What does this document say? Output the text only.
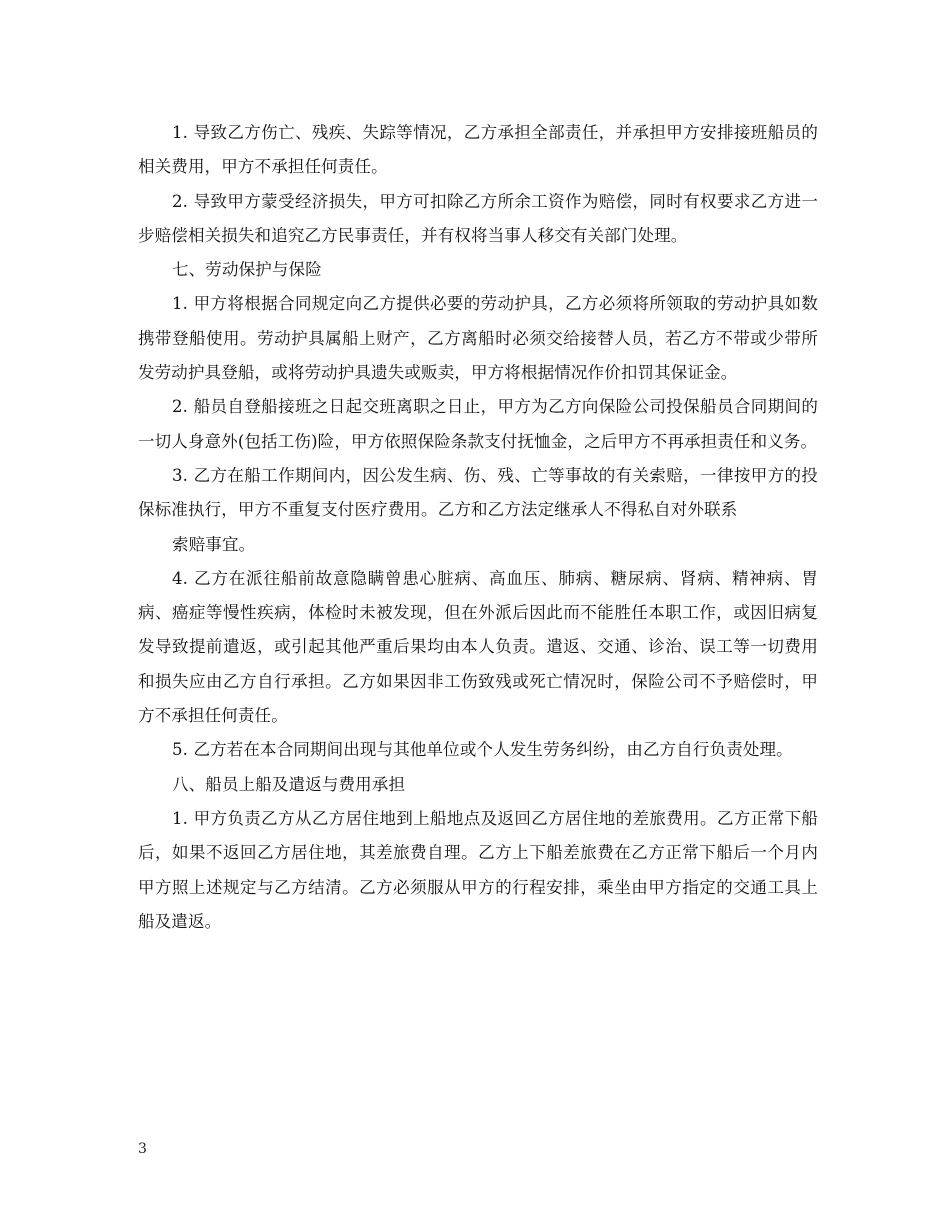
1. 导致乙方伤亡、残疾、失踪等情况，乙方承担全部责任，并承担甲方安排接班船员的相关费用，甲方不承担任何责任。

2. 导致甲方蒙受经济损失，甲方可扣除乙方所余工资作为赔偿，同时有权要求乙方进一步赔偿相关损失和追究乙方民事责任，并有权将当事人移交有关部门处理。

七、劳动保护与保险

1. 甲方将根据合同规定向乙方提供必要的劳动护具，乙方必须将所领取的劳动护具如数携带登船使用。劳动护具属船上财产，乙方离船时必须交给接替人员，若乙方不带或少带所发劳动护具登船，或将劳动护具遗失或贩卖，甲方将根据情况作价扣罚其保证金。

2. 船员自登船接班之日起交班离职之日止，甲方为乙方向保险公司投保船员合同期间的一切人身意外(包括工伤)险，甲方依照保险条款支付抚恤金，之后甲方不再承担责任和义务。

3. 乙方在船工作期间内，因公发生病、伤、残、亡等事故的有关索赔，一律按甲方的投保标准执行，甲方不重复支付医疗费用。乙方和乙方法定继承人不得私自对外联系

索赔事宜。

4. 乙方在派往船前故意隐瞒曾患心脏病、高血压、肺病、糖尿病、肾病、精神病、胃病、癌症等慢性疾病，体检时未被发现，但在外派后因此而不能胜任本职工作，或因旧病复发导致提前遣返，或引起其他严重后果均由本人负责。遣返、交通、诊治、误工等一切费用和损失应由乙方自行承担。乙方如果因非工伤致残或死亡情况时，保险公司不予赔偿时，甲方不承担任何责任。

5. 乙方若在本合同期间出现与其他单位或个人发生劳务纠纷，由乙方自行负责处理。

八、船员上船及遣返与费用承担

1. 甲方负责乙方从乙方居住地到上船地点及返回乙方居住地的差旅费用。乙方正常下船后，如果不返回乙方居住地，其差旅费自理。乙方上下船差旅费在乙方正常下船后一个月内甲方照上述规定与乙方结清。乙方必须服从甲方的行程安排，乘坐由甲方指定的交通工具上船及遣返。

3
